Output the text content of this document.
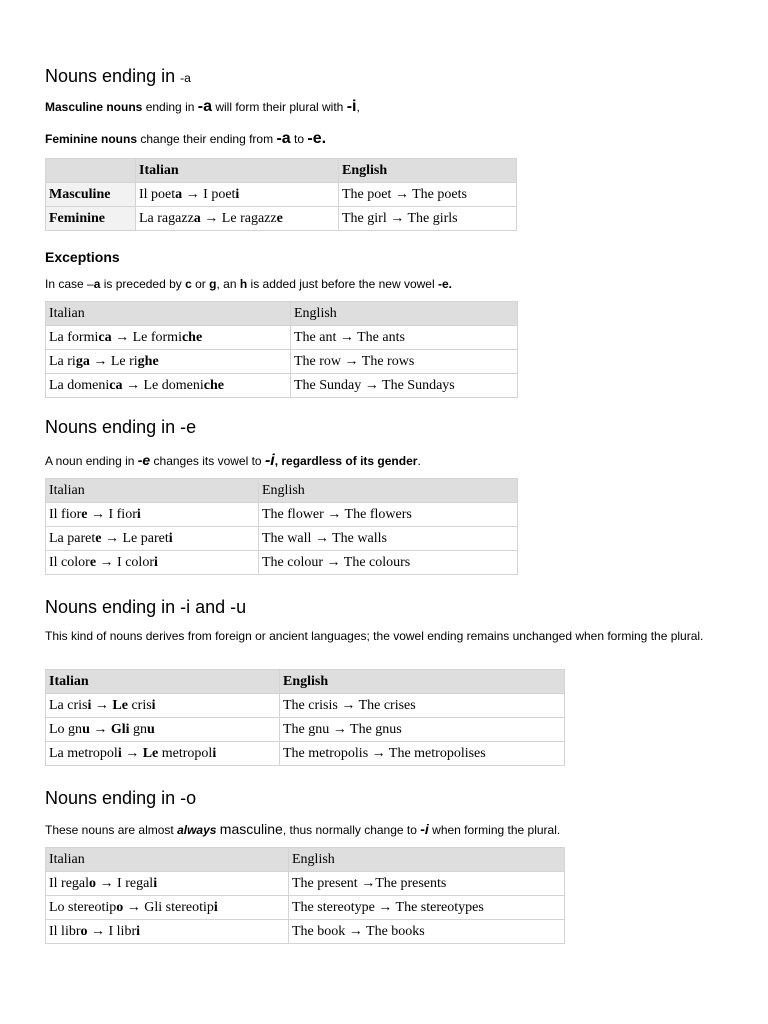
Nouns ending in -a

Masculine nouns ending in -a will form their plural with -i,

Feminine nouns change their ending from -a to -e.

	Italian	English
Masculine	Il poeta → I poeti	The poet → The poets
Feminine	La ragazza → Le ragazze	The girl → The girls
Exceptions

In case –a is preceded by c or g, an h is added just before the new vowel -e.

Italian	English
La formica → Le formiche	The ant → The ants
La riga → Le righe	The row → The rows
La domenica → Le domeniche	The Sunday → The Sundays
Nouns ending in -e

A noun ending in -e changes its vowel to -i, regardless of its gender.

Italian	English
Il fiore → I fiori	The flower → The flowers
La parete → Le pareti	The wall → The walls
Il colore → I colori	The colour → The colours
Nouns ending in -i and -u

This kind of nouns derives from foreign or ancient languages; the vowel ending remains unchanged when forming the plural.

Italian	English
La crisi → Le crisi	The crisis → The crises
Lo gnu → Gli gnu	The gnu → The gnus
La metropoli → Le metropoli	The metropolis → The metropolises
Nouns ending in -o

These nouns are almost always masculine, thus normally change to -i when forming the plural.

Italian	English
Il regalo → I regali	The present →The presents
Lo stereotipo → Gli stereotipi	The stereotype → The stereotypes
Il libro → I libri	The book → The books
